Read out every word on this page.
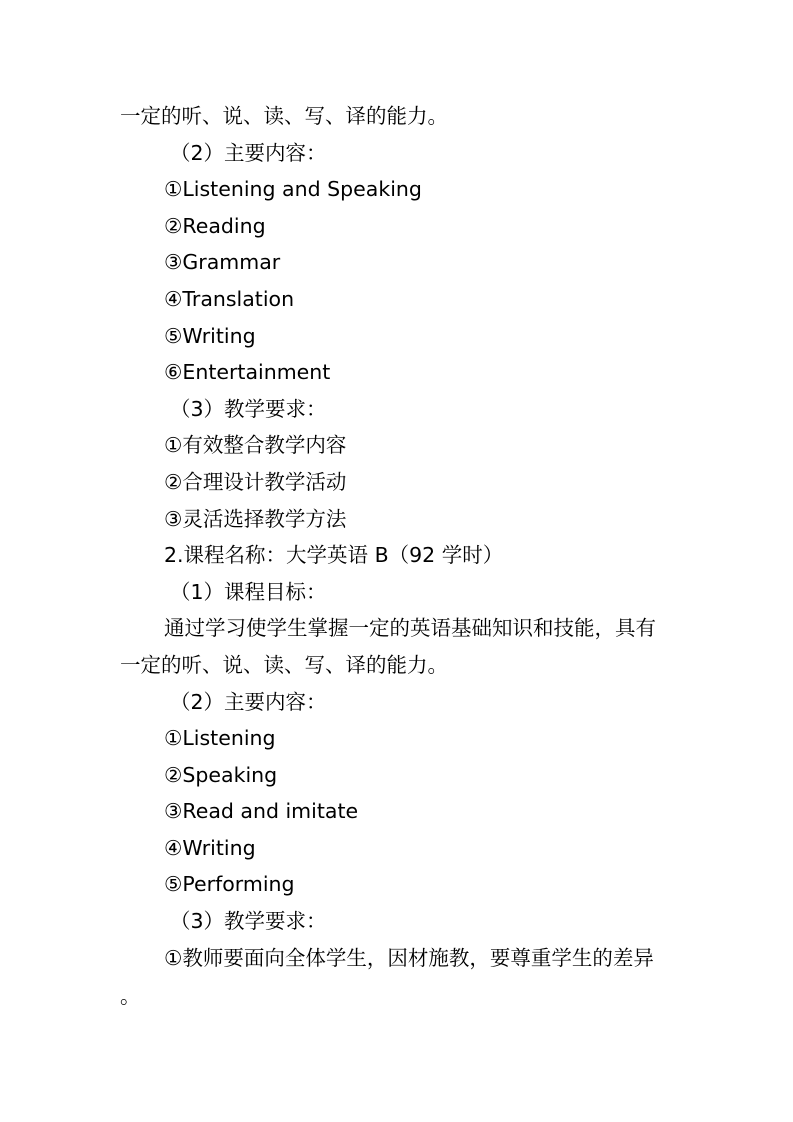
一定的听、说、读、写、译的能力。
（2）主要内容：
①Listening and Speaking
②Reading
③Grammar
④Translation
⑤Writing
⑥Entertainment
（3）教学要求：
①有效整合教学内容
②合理设计教学活动
③灵活选择教学方法
2.课程名称：大学英语 B（92 学时）
（1）课程目标：
通过学习使学生掌握一定的英语基础知识和技能，具有
一定的听、说、读、写、译的能力。
（2）主要内容：
①Listening
②Speaking
③Read and imitate
④Writing
⑤Performing
（3）教学要求：
①教师要面向全体学生，因材施教，要尊重学生的差异
。
